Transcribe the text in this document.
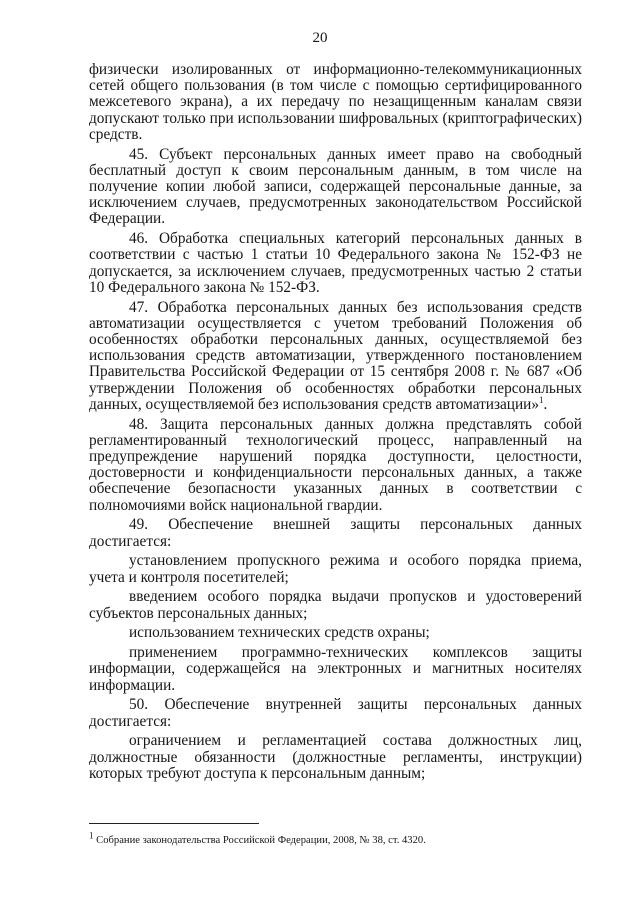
20

физически изолированных от информационно-телекоммуникационных сетей общего пользования (в том числе с помощью сертифицированного межсетевого экрана), а их передачу по незащищенным каналам связи допускают только при использовании шифровальных (криптографических) средств.

45. Субъект персональных данных имеет право на свободный бесплатный доступ к своим персональным данным, в том числе на получение копии любой записи, содержащей персональные данные, за исключением случаев, предусмотренных законодательством Российской Федерации.

46. Обработка специальных категорий персональных данных в соответствии с частью 1 статьи 10 Федерального закона № 152-ФЗ не допускается, за исключением случаев, предусмотренных частью 2 статьи 10 Федерального закона № 152-ФЗ.

47. Обработка персональных данных без использования средств автоматизации осуществляется с учетом требований Положения об особенностях обработки персональных данных, осуществляемой без использования средств автоматизации, утвержденного постановлением Правительства Российской Федерации от 15 сентября 2008 г. № 687 «Об утверждении Положения об особенностях обработки персональных данных, осуществляемой без использования средств автоматизации»$^1$.

48. Защита персональных данных должна представлять собой регламентированный технологический процесс, направленный на предупреждение нарушений порядка доступности, целостности, достоверности и конфиденциальности персональных данных, а также обеспечение безопасности указанных данных в соответствии с полномочиями войск национальной гвардии.

49. Обеспечение внешней защиты персональных данных достигается:

установлением пропускного режима и особого порядка приема, учета и контроля посетителей;

введением особого порядка выдачи пропусков и удостоверений субъектов персональных данных;

использованием технических средств охраны;

применением программно-технических комплексов защиты информации, содержащейся на электронных и магнитных носителях информации.

50. Обеспечение внутренней защиты персональных данных достигается:

ограничением и регламентацией состава должностных лиц, должностные обязанности (должностные регламенты, инструкции) которых требуют доступа к персональным данным;

$^1$ Собрание законодательства Российской Федерации, 2008, № 38, ст. 4320.
